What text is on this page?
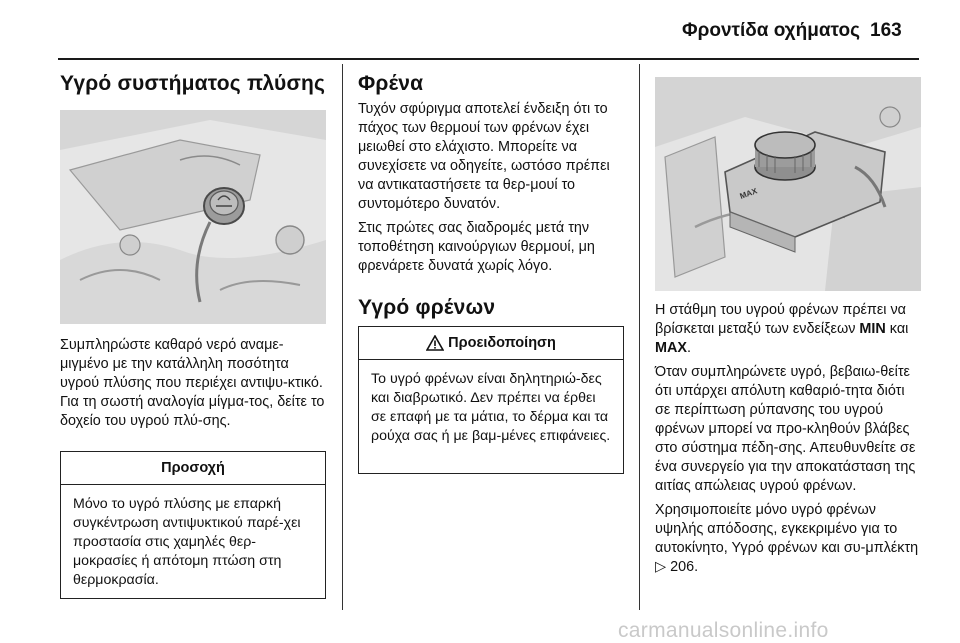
Φροντίδα οχήματος 163
Υγρό συστήματος πλύσης

Συμπληρώστε καθαρό νερό αναμε-μιγμένο με την κατάλληλη ποσότητα υγρού πλύσης που περιέχει αντιψυ-κτικό. Για τη σωστή αναλογία μίγμα-τος, δείτε το δοχείο του υγρού πλύ-σης.

Προσοχή
Μόνο το υγρό πλύσης με επαρκή συγκέντρωση αντιψυκτικού παρέ-χει προστασία στις χαμηλές θερ-μοκρασίες ή απότομη πτώση στη θερμοκρασία.
Φρένα

Τυχόν σφύριγμα αποτελεί ένδειξη ότι το πάχος των θερμουί των φρένων έχει μειωθεί στο ελάχιστο. Μπορείτε να συνεχίσετε να οδηγείτε, ωστόσο πρέπει να αντικαταστήσετε τα θερ-μουί το συντομότερο δυνατόν.

Στις πρώτες σας διαδρομές μετά την τοποθέτηση καινούργιων θερμουί, μη φρενάρετε δυνατά χωρίς λόγο.

Υγρό φρένων
Προειδοποίηση
Το υγρό φρένων είναι δηλητηριώ-δες και διαβρωτικό. Δεν πρέπει να έρθει σε επαφή με τα μάτια, το δέρμα και τα ρούχα σας ή με βαμ-μένες επιφάνειες.
MAX

Η στάθμη του υγρού φρένων πρέπει να βρίσκεται μεταξύ των ενδείξεων MIN και MAX.

Όταν συμπληρώνετε υγρό, βεβαιω-θείτε ότι υπάρχει απόλυτη καθαριό-τητα διότι σε περίπτωση ρύπανσης του υγρού φρένων μπορεί να προ-κληθούν βλάβες στο σύστημα πέδη-σης. Απευθυνθείτε σε ένα συνεργείο για την αποκατάσταση της αιτίας απώλειας υγρού φρένων.

Χρησιμοποιείτε μόνο υγρό φρένων υψηλής απόδοσης, εγκεκριμένο για το αυτοκίνητο, Υγρό φρένων και συ-μπλέκτη ▷ 206.

carmanualsonline.info
